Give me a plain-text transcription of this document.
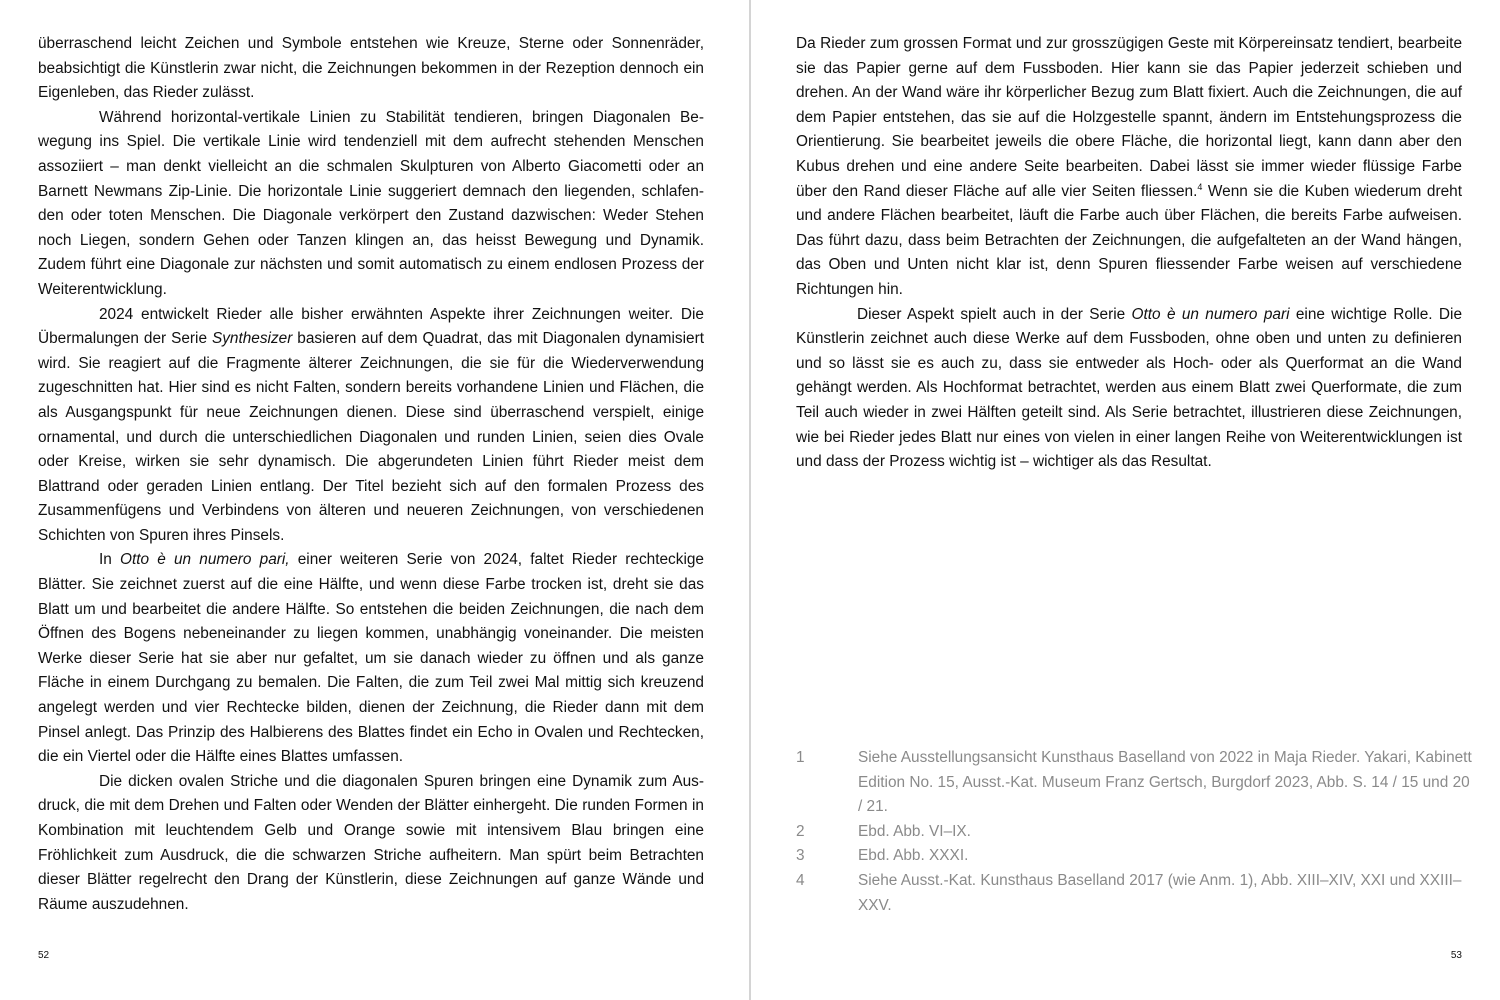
überraschend leicht Zeichen und Symbole entstehen wie Kreuze, Sterne oder Sonnenräder, beabsichtigt die Künstlerin zwar nicht, die Zeichnungen bekommen in der Rezeption dennoch ein Eigenleben, das Rieder zulässt.

Während horizontal-vertikale Linien zu Stabilität tendieren, bringen Diagonalen Bewegung ins Spiel. Die vertikale Linie wird tendenziell mit dem aufrecht stehenden Menschen assoziiert – man denkt vielleicht an die schmalen Skulpturen von Alberto Giacometti oder an Barnett Newmans Zip-Linie. Die horizontale Linie suggeriert demnach den liegenden, schlafenden oder toten Menschen. Die Diagonale verkörpert den Zustand dazwischen: Weder Stehen noch Liegen, sondern Gehen oder Tanzen klingen an, das heisst Bewegung und Dynamik. Zudem führt eine Diagonale zur nächsten und somit automatisch zu einem endlosen Prozess der Weiterentwicklung.

2024 entwickelt Rieder alle bisher erwähnten Aspekte ihrer Zeichnungen weiter. Die Übermalungen der Serie Synthesizer basieren auf dem Quadrat, das mit Diagonalen dynamisiert wird. Sie reagiert auf die Fragmente älterer Zeichnungen, die sie für die Wiederverwendung zugeschnitten hat. Hier sind es nicht Falten, sondern bereits vorhandene Linien und Flächen, die als Ausgangspunkt für neue Zeichnungen dienen. Diese sind überraschend verspielt, einige ornamental, und durch die unterschiedlichen Diagonalen und runden Linien, seien dies Ovale oder Kreise, wirken sie sehr dynamisch. Die abgerundeten Linien führt Rieder meist dem Blattrand oder geraden Linien entlang. Der Titel bezieht sich auf den formalen Prozess des Zusammenfügens und Verbindens von älteren und neueren Zeichnungen, von verschiedenen Schichten von Spuren ihres Pinsels.

In Otto è un numero pari, einer weiteren Serie von 2024, faltet Rieder rechteckige Blätter. Sie zeichnet zuerst auf die eine Hälfte, und wenn diese Farbe trocken ist, dreht sie das Blatt um und bearbeitet die andere Hälfte. So entstehen die beiden Zeichnungen, die nach dem Öffnen des Bogens nebeneinander zu liegen kommen, unabhängig voneinander. Die meisten Werke dieser Serie hat sie aber nur gefaltet, um sie danach wieder zu öffnen und als ganze Fläche in einem Durchgang zu bemalen. Die Falten, die zum Teil zwei Mal mittig sich kreuzend angelegt werden und vier Rechtecke bilden, dienen der Zeichnung, die Rieder dann mit dem Pinsel anlegt. Das Prinzip des Halbierens des Blattes findet ein Echo in Ovalen und Rechtecken, die ein Viertel oder die Hälfte eines Blattes umfassen.

Die dicken ovalen Striche und die diagonalen Spuren bringen eine Dynamik zum Ausdruck, die mit dem Drehen und Falten oder Wenden der Blätter einhergeht. Die runden Formen in Kombination mit leuchtendem Gelb und Orange sowie mit intensivem Blau bringen eine Fröhlichkeit zum Ausdruck, die die schwarzen Striche aufheitern. Man spürt beim Betrachten dieser Blätter regelrecht den Drang der Künstlerin, diese Zeichnungen auf ganze Wände und Räume auszudehnen.

52

Da Rieder zum grossen Format und zur grosszügigen Geste mit Körpereinsatz tendiert, bearbeite sie das Papier gerne auf dem Fussboden. Hier kann sie das Papier jederzeit schieben und drehen. An der Wand wäre ihr körperlicher Bezug zum Blatt fixiert. Auch die Zeichnungen, die auf dem Papier entstehen, das sie auf die Holzgestelle spannt, ändern im Entstehungsprozess die Orientierung. Sie bearbeitet jeweils die obere Fläche, die horizontal liegt, kann dann aber den Kubus drehen und eine andere Seite bearbeiten. Dabei lässt sie immer wieder flüssige Farbe über den Rand dieser Fläche auf alle vier Seiten fliessen.$^4$ Wenn sie die Kuben wiederum dreht und andere Flächen bearbeitet, läuft die Farbe auch über Flächen, die bereits Farbe aufweisen. Das führt dazu, dass beim Betrachten der Zeichnungen, die aufgefalteten an der Wand hängen, das Oben und Unten nicht klar ist, denn Spuren fliessender Farbe weisen auf verschiedene Richtungen hin.

Dieser Aspekt spielt auch in der Serie Otto è un numero pari eine wichtige Rolle. Die Künstlerin zeichnet auch diese Werke auf dem Fussboden, ohne oben und unten zu definieren und so lässt sie es auch zu, dass sie entweder als Hoch- oder als Querformat an die Wand gehängt werden. Als Hochformat betrachtet, werden aus einem Blatt zwei Querformate, die zum Teil auch wieder in zwei Hälften geteilt sind. Als Serie betrachtet, illustrieren diese Zeichnungen, wie bei Rieder jedes Blatt nur eines von vielen in einer langen Reihe von Weiterentwicklungen ist und dass der Prozess wichtig ist – wichtiger als das Resultat.

1	Siehe Ausstellungsansicht Kunsthaus Baselland von 2022 in Maja Rieder. Yakari, Kabinett Edition No. 15, Ausst.-Kat. Museum Franz Gertsch, Burgdorf 2023, Abb. S. 14 / 15 und 20 / 21.
2	Ebd. Abb. VI–IX.
3	Ebd. Abb. XXXI.
4	Siehe Ausst.-Kat. Kunsthaus Baselland 2017 (wie Anm. 1), Abb. XIII–XIV, XXI und XXIII–XXV.
53
